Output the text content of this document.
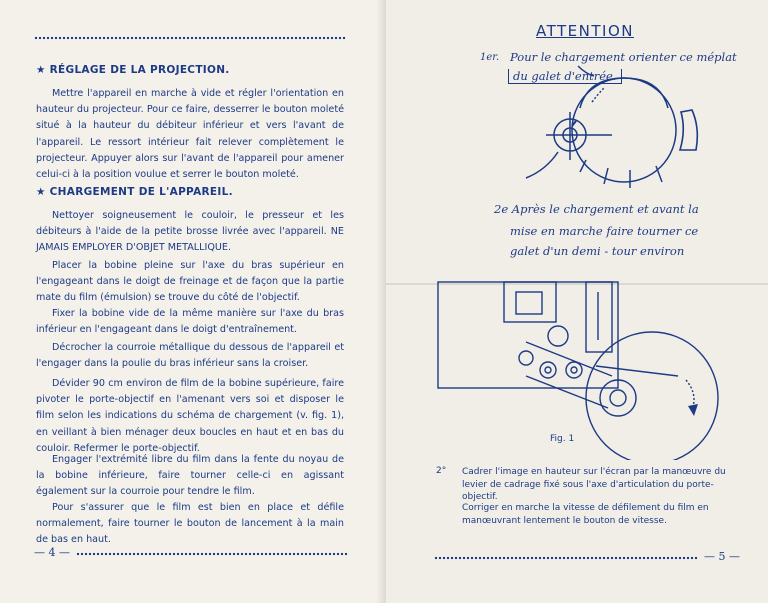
★ RÉGLAGE DE LA PROJECTION.
Mettre l'appareil en marche à vide et régler l'orientation en hauteur du projecteur. Pour ce faire, desserrer le bouton moleté situé à la hauteur du débiteur inférieur et vers l'avant de l'appareil. Le ressort intérieur fait relever complètement le projecteur. Appuyer alors sur l'avant de l'appareil pour amener celui-ci à la position voulue et serrer le bouton moleté.
★ CHARGEMENT DE L'APPAREIL.
Nettoyer soigneusement le couloir, le presseur et les débiteurs à l'aide de la petite brosse livrée avec l'appareil. NE JAMAIS EMPLOYER D'OBJET METALLIQUE.
Placer la bobine pleine sur l'axe du bras supérieur en l'engageant dans le doigt de freinage et de façon que la partie mate du film (émulsion) se trouve du côté de l'objectif.
Fixer la bobine vide de la même manière sur l'axe du bras inférieur en l'engageant dans le doigt d'entraînement.
Décrocher la courroie métallique du dessous de l'appareil et l'engager dans la poulie du bras inférieur sans la croiser.
Dévider 90 cm environ de film de la bobine supérieure, faire pivoter le porte-objectif en l'amenant vers soi et disposer le film selon les indications du schéma de chargement (v. fig. 1), en veillant à bien ménager deux boucles en haut et en bas du couloir. Refermer le porte-objectif.
Engager l'extrémité libre du film dans la fente du noyau de la bobine inférieure, faire tourner celle-ci en agissant également sur la courroie pour tendre le film.
Pour s'assurer que le film est bien en place et défile normalement, faire tourner le bouton de lancement à la main de bas en haut.
— 4 —
ATTENTION
1er. Pour le chargement orienter ce méplat
du galet d'entrée.
2e Après le chargement et avant la
mise en marche faire tourner ce
galet d'un demi - tour environ
Fig. 1
2° Cadrer l'image en hauteur sur l'écran par la manœuvre du levier de cadrage fixé sous l'axe d'articulation du porte-objectif.
Corriger en marche la vitesse de défilement du film en manœuvrant lentement le bouton de vitesse.
— 5 —
